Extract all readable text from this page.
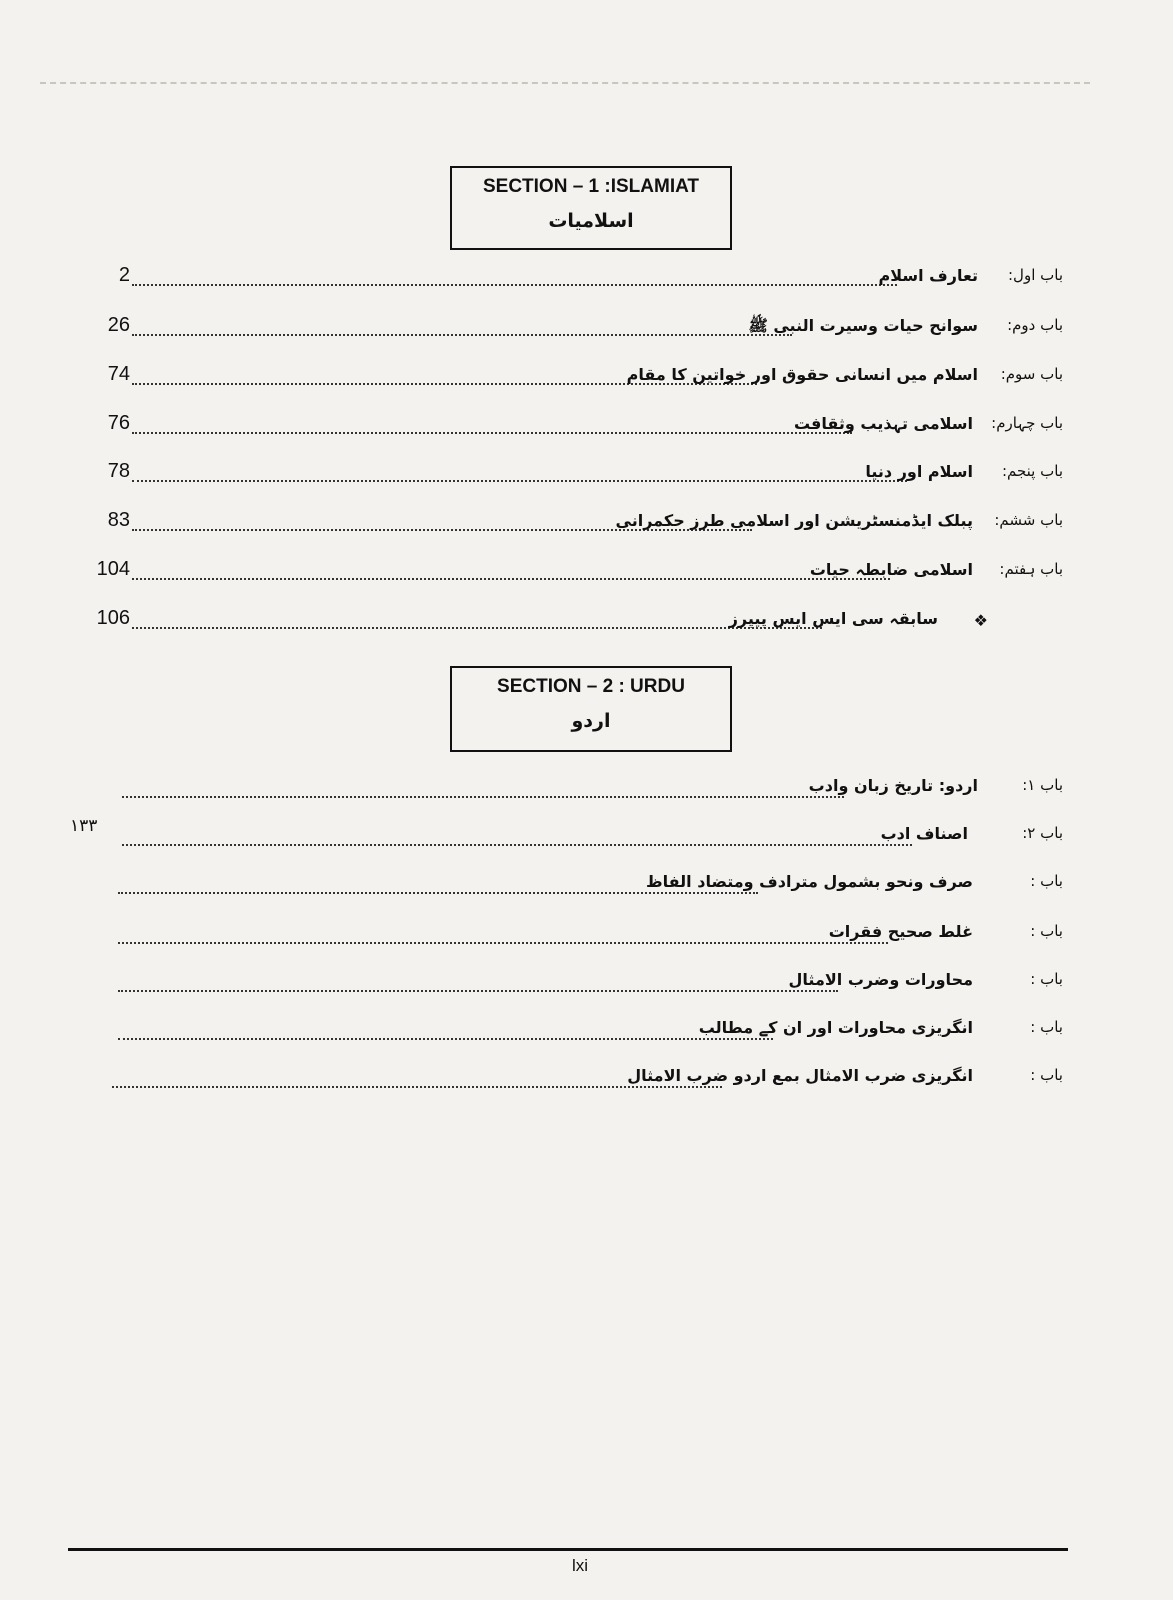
SECTION – 1 :ISLAMIAT
اسلامیات
2	تعارف اسلام باب اول:
26	سوانح حیات وسیرت النبی ﷺ باب دوم:
74	اسلام میں انسانی حقوق اور خواتین کا مقام باب سوم:
76	اسلامی تہذیب وثقافت باب چہارم:
78	اسلام اور دنیا باب پنجم:
83	پبلک ایڈمنسٹریشن اور اسلامی طرز حکمرانی باب ششم:
104	اسلامی ضابطہ حیات باب ہفتم:
106	سابقہ سی ایس ایس پیپرز ❖
SECTION – 2 : URDU
اردو
اردو: تاریخ زبان وادب	باب ۱:
۱۳۳	اصناف ادب	باب ۲:
صرف ونحو بشمول مترادف ومتضاد الفاظ	باب :
غلط صحیح فقرات	باب :
محاورات وضرب الامثال	باب :
انگریزی محاورات اور ان کے مطالب	باب :
انگریزی ضرب الامثال بمع اردو ضرب الامثال	باب :
lxi
